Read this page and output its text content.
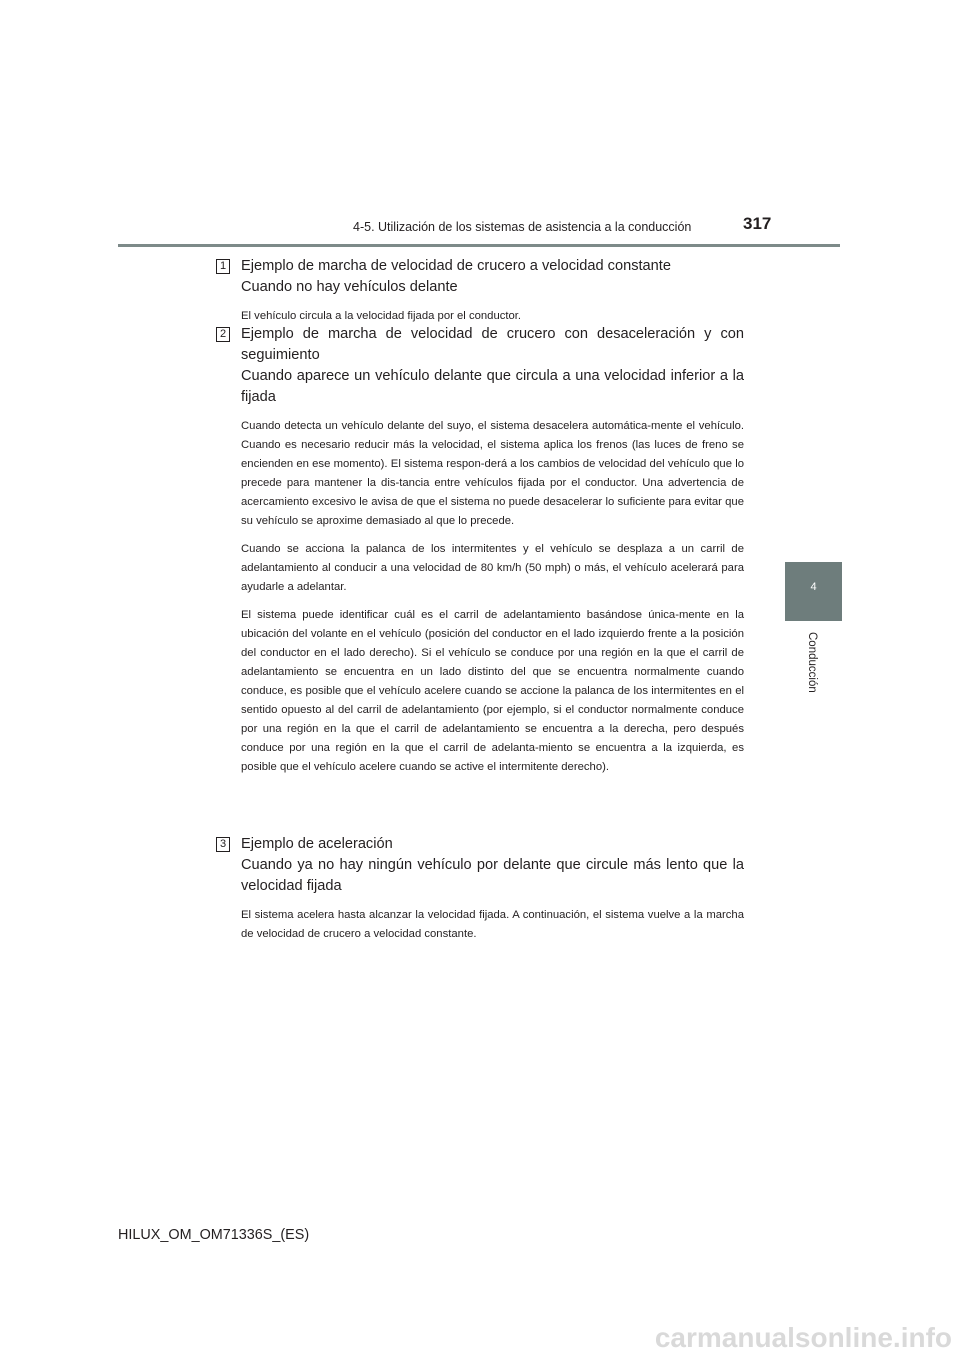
4-5. Utilización de los sistemas de asistencia a la conducción	317
4
Conducción
1 Ejemplo de marcha de velocidad de crucero a velocidad constante
Cuando no hay vehículos delante

El vehículo circula a la velocidad fijada por el conductor.

2 Ejemplo de marcha de velocidad de crucero con desaceleración y con seguimiento
Cuando aparece un vehículo delante que circula a una velocidad inferior a la fijada

Cuando detecta un vehículo delante del suyo, el sistema desacelera automática-mente el vehículo. Cuando es necesario reducir más la velocidad, el sistema aplica los frenos (las luces de freno se encienden en ese momento). El sistema respon-derá a los cambios de velocidad del vehículo que lo precede para mantener la dis-tancia entre vehículos fijada por el conductor. Una advertencia de acercamiento excesivo le avisa de que el sistema no puede desacelerar lo suficiente para evitar que su vehículo se aproxime demasiado al que lo precede.

Cuando se acciona la palanca de los intermitentes y el vehículo se desplaza a un carril de adelantamiento al conducir a una velocidad de 80 km/h (50 mph) o más, el vehículo acelerará para ayudarle a adelantar.

El sistema puede identificar cuál es el carril de adelantamiento basándose única-mente en la ubicación del volante en el vehículo (posición del conductor en el lado izquierdo frente a la posición del conductor en el lado derecho). Si el vehículo se conduce por una región en la que el carril de adelantamiento se encuentra en un lado distinto del que se encuentra normalmente cuando conduce, es posible que el vehículo acelere cuando se accione la palanca de los intermitentes en el sentido opuesto al del carril de adelantamiento (por ejemplo, si el conductor normalmente conduce por una región en la que el carril de adelantamiento se encuentra a la derecha, pero después conduce por una región en la que el carril de adelanta-miento se encuentra a la izquierda, es posible que el vehículo acelere cuando se active el intermitente derecho).

3 Ejemplo de aceleración
Cuando ya no hay ningún vehículo por delante que circule más lento que la velocidad fijada

El sistema acelera hasta alcanzar la velocidad fijada. A continuación, el sistema vuelve a la marcha de velocidad de crucero a velocidad constante.

HILUX_OM_OM71336S_(ES)
carmanualsonline.info
